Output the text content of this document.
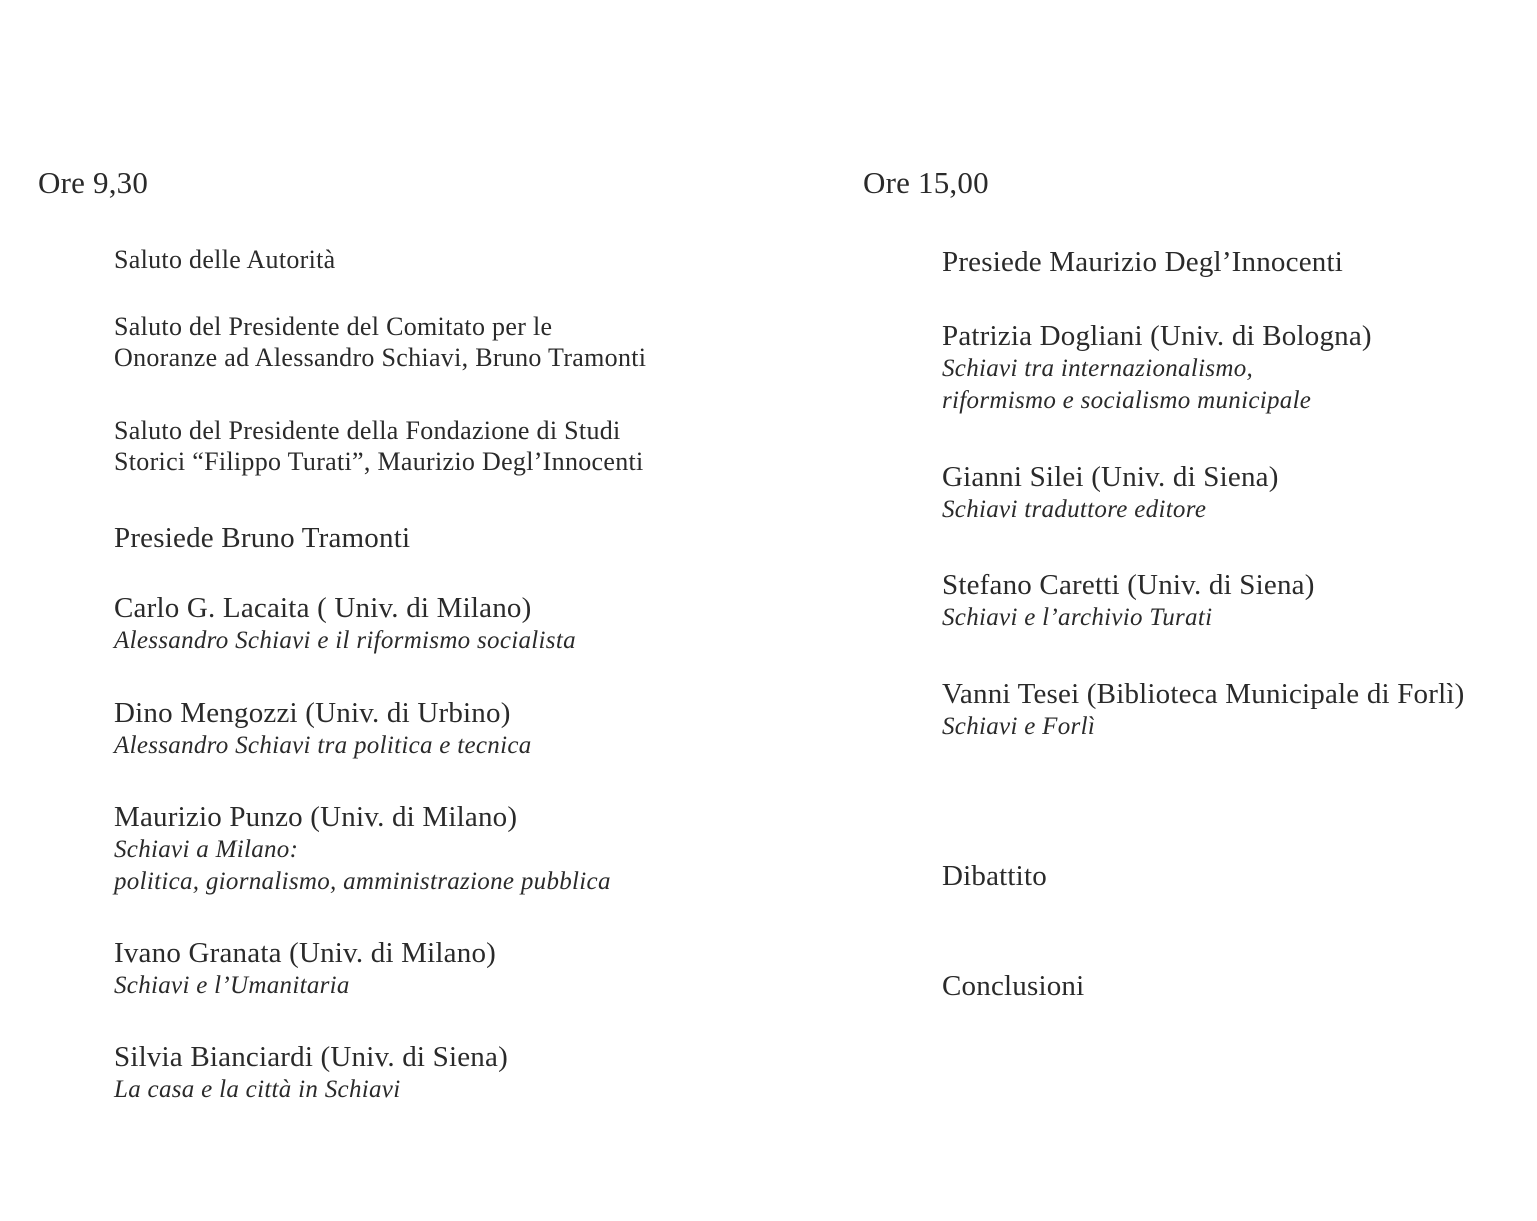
Ore 9,30
Saluto delle Autorità
Saluto del Presidente del Comitato per le
Onoranze ad Alessandro Schiavi, Bruno Tramonti
Saluto del Presidente della Fondazione di Studi
Storici “Filippo Turati”, Maurizio Degl’Innocenti
Presiede Bruno Tramonti
Carlo G. Lacaita ( Univ. di Milano)
Alessandro Schiavi e il riformismo socialista
Dino Mengozzi (Univ. di Urbino)
Alessandro Schiavi tra politica e tecnica
Maurizio Punzo (Univ. di Milano)
Schiavi a Milano:
politica, giornalismo, amministrazione pubblica
Ivano Granata (Univ. di Milano)
Schiavi e l’Umanitaria
Silvia Bianciardi (Univ. di Siena)
La casa e la città in Schiavi
Ore 15,00
Presiede Maurizio Degl’Innocenti
Patrizia Dogliani (Univ. di Bologna)
Schiavi tra internazionalismo,
riformismo e socialismo municipale
Gianni Silei (Univ. di Siena)
Schiavi traduttore editore
Stefano Caretti (Univ. di Siena)
Schiavi e l’archivio Turati
Vanni Tesei (Biblioteca Municipale di Forlì)
Schiavi e Forlì
Dibattito
Conclusioni
